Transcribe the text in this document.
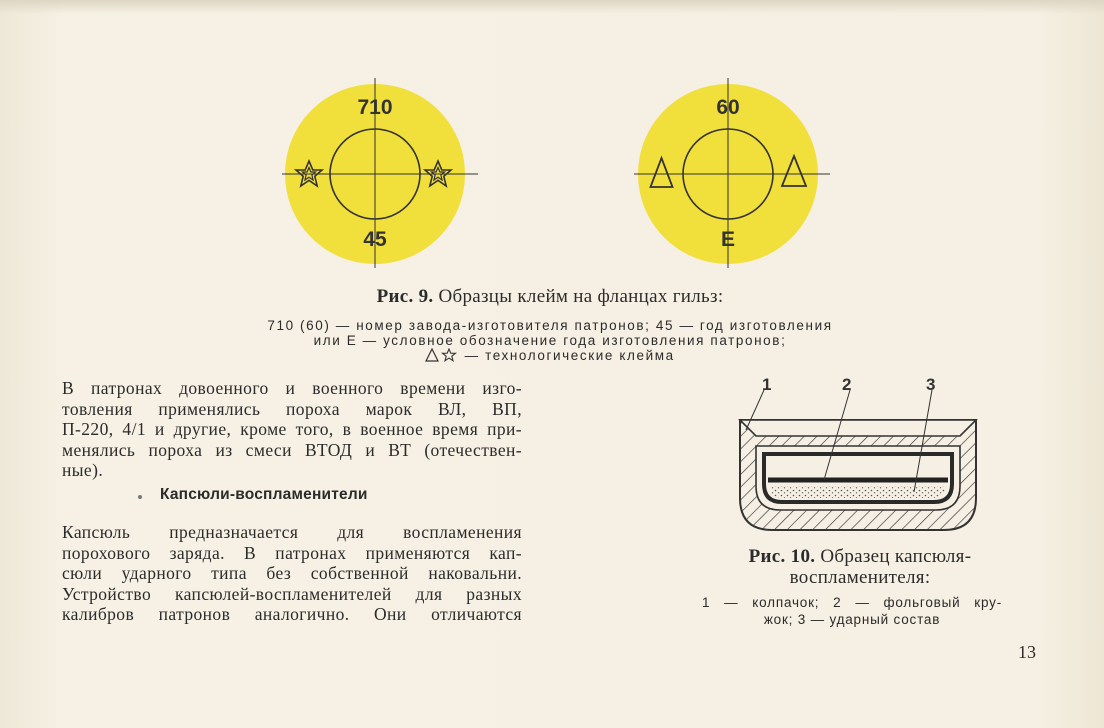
710
45
60
E
Рис. 9. Образцы клейм на фланцах гильз:
710 (60) — номер завода-изготовителя патронов; 45 — год изготовления
или Е — условное обозначение года изготовления патронов;
— технологические клейма
В патронах довоенного и военного времени изго-
товления применялись пороха марок ВЛ, ВП,
П-220, 4/1 и другие, кроме того, в военное время при-
менялись пороха из смеси ВТОД и ВТ (отечествен-
ные).
Капсюли-воспламенители
Капсюль предназначается для воспламенения
порохового заряда. В патронах применяются кап-
сюли ударного типа без собственной наковальни.
Устройство капсюлей-воспламенителей для разных
калибров патронов аналогично. Они отличаются
1	2	3
Рис. 10. Образец капсюля-
воспламенителя:
1 — колпачок; 2 — фольговый кру-
жок; 3 — ударный состав
13
